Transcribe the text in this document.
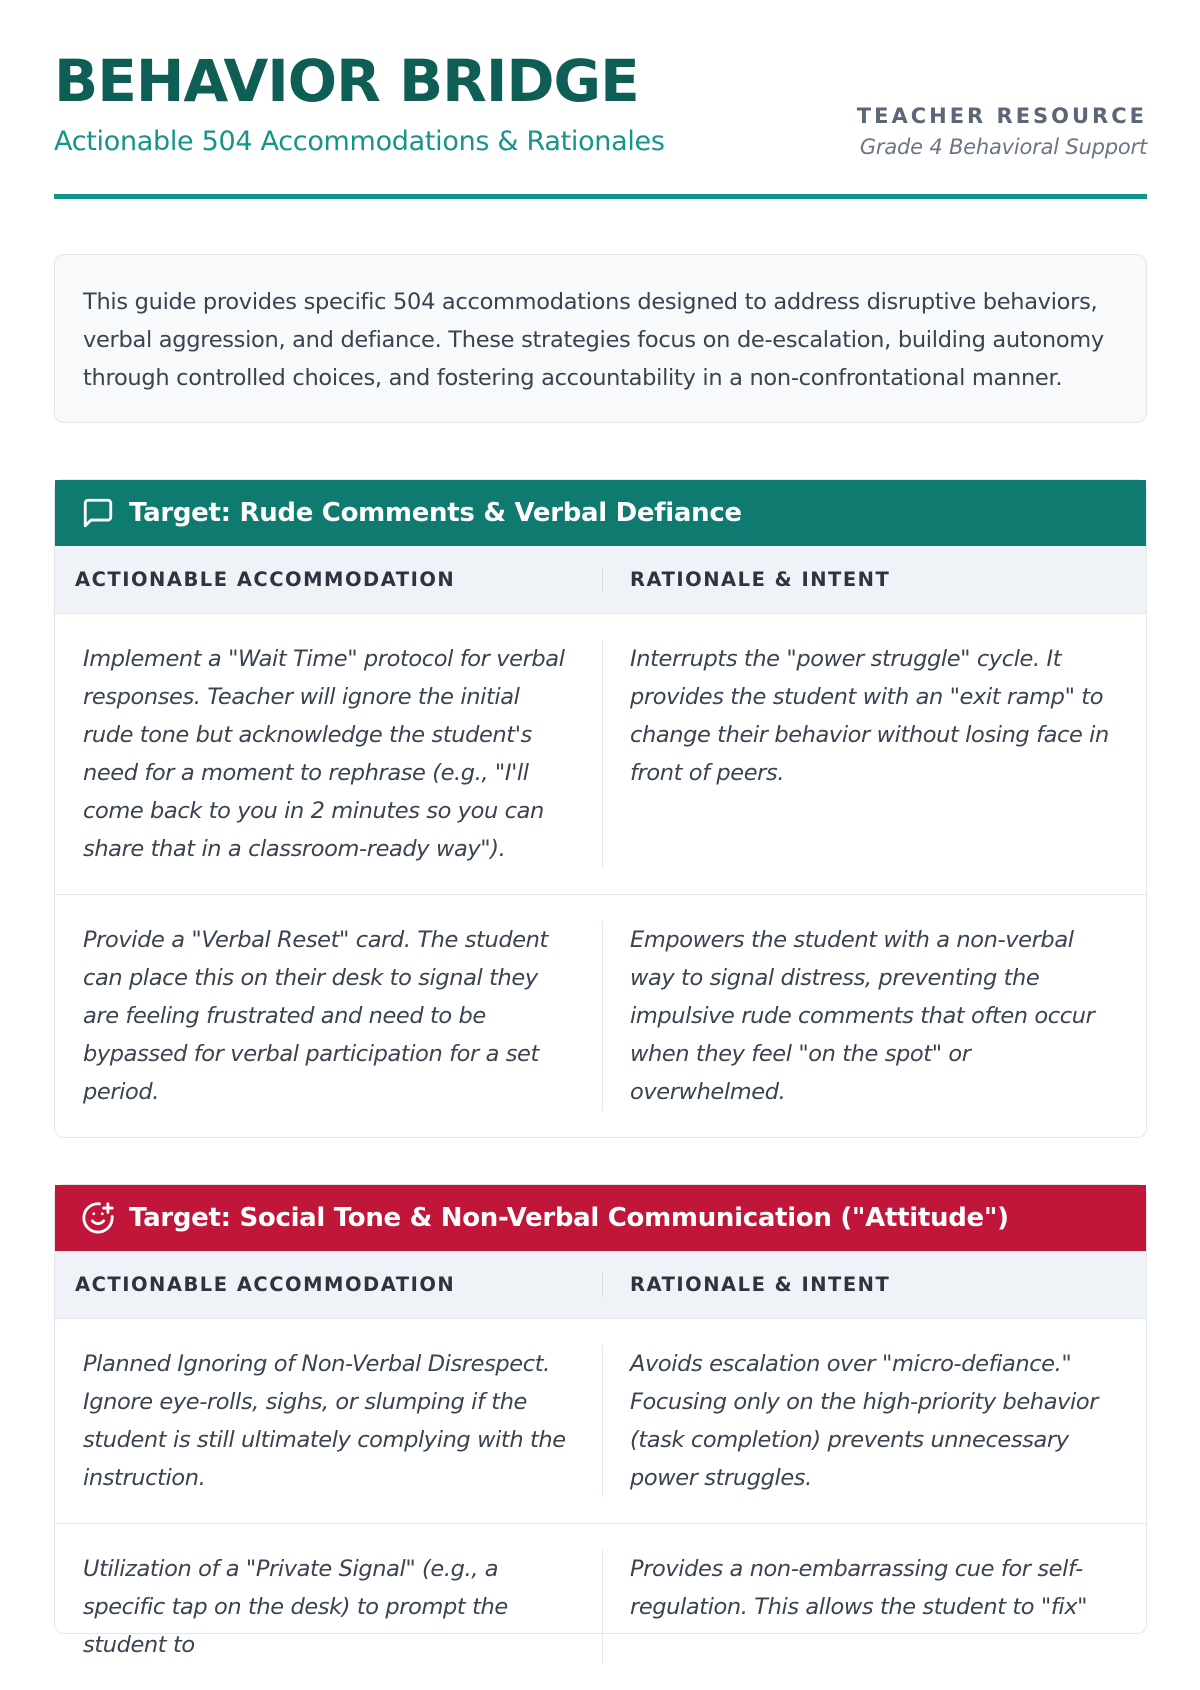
BEHAVIOR BRIDGE

Actionable 504 Accommodations & Rationales

TEACHER RESOURCE

Grade 4 Behavioral Support

This guide provides specific 504 accommodations designed to address disruptive behaviors, verbal aggression, and defiance. These strategies focus on de-escalation, building autonomy through controlled choices, and fostering accountability in a non-confrontational manner.

Target: Rude Comments & Verbal Defiance
ACTIONABLE ACCOMMODATION	RATIONALE & INTENT
Implement a "Wait Time" protocol for verbal responses. Teacher will ignore the initial rude tone but acknowledge the student's need for a moment to rephrase (e.g., "I'll come back to you in 2 minutes so you can share that in a classroom-ready way").
Interrupts the "power struggle" cycle. It provides the student with an "exit ramp" to change their behavior without losing face in front of peers.
Provide a "Verbal Reset" card. The student can place this on their desk to signal they are feeling frustrated and need to be bypassed for verbal participation for a set period.
Empowers the student with a non-verbal way to signal distress, preventing the impulsive rude comments that often occur when they feel "on the spot" or overwhelmed.
Target: Social Tone & Non-Verbal Communication ("Attitude")
ACTIONABLE ACCOMMODATION	RATIONALE & INTENT
Planned Ignoring of Non-Verbal Disrespect. Ignore eye-rolls, sighs, or slumping if the student is still ultimately complying with the instruction.
Avoids escalation over "micro-defiance." Focusing only on the high-priority behavior (task completion) prevents unnecessary power struggles.
Utilization of a "Private Signal" (e.g., a specific tap on the desk) to prompt the student to
Provides a non-embarrassing cue for self-regulation. This allows the student to "fix"
